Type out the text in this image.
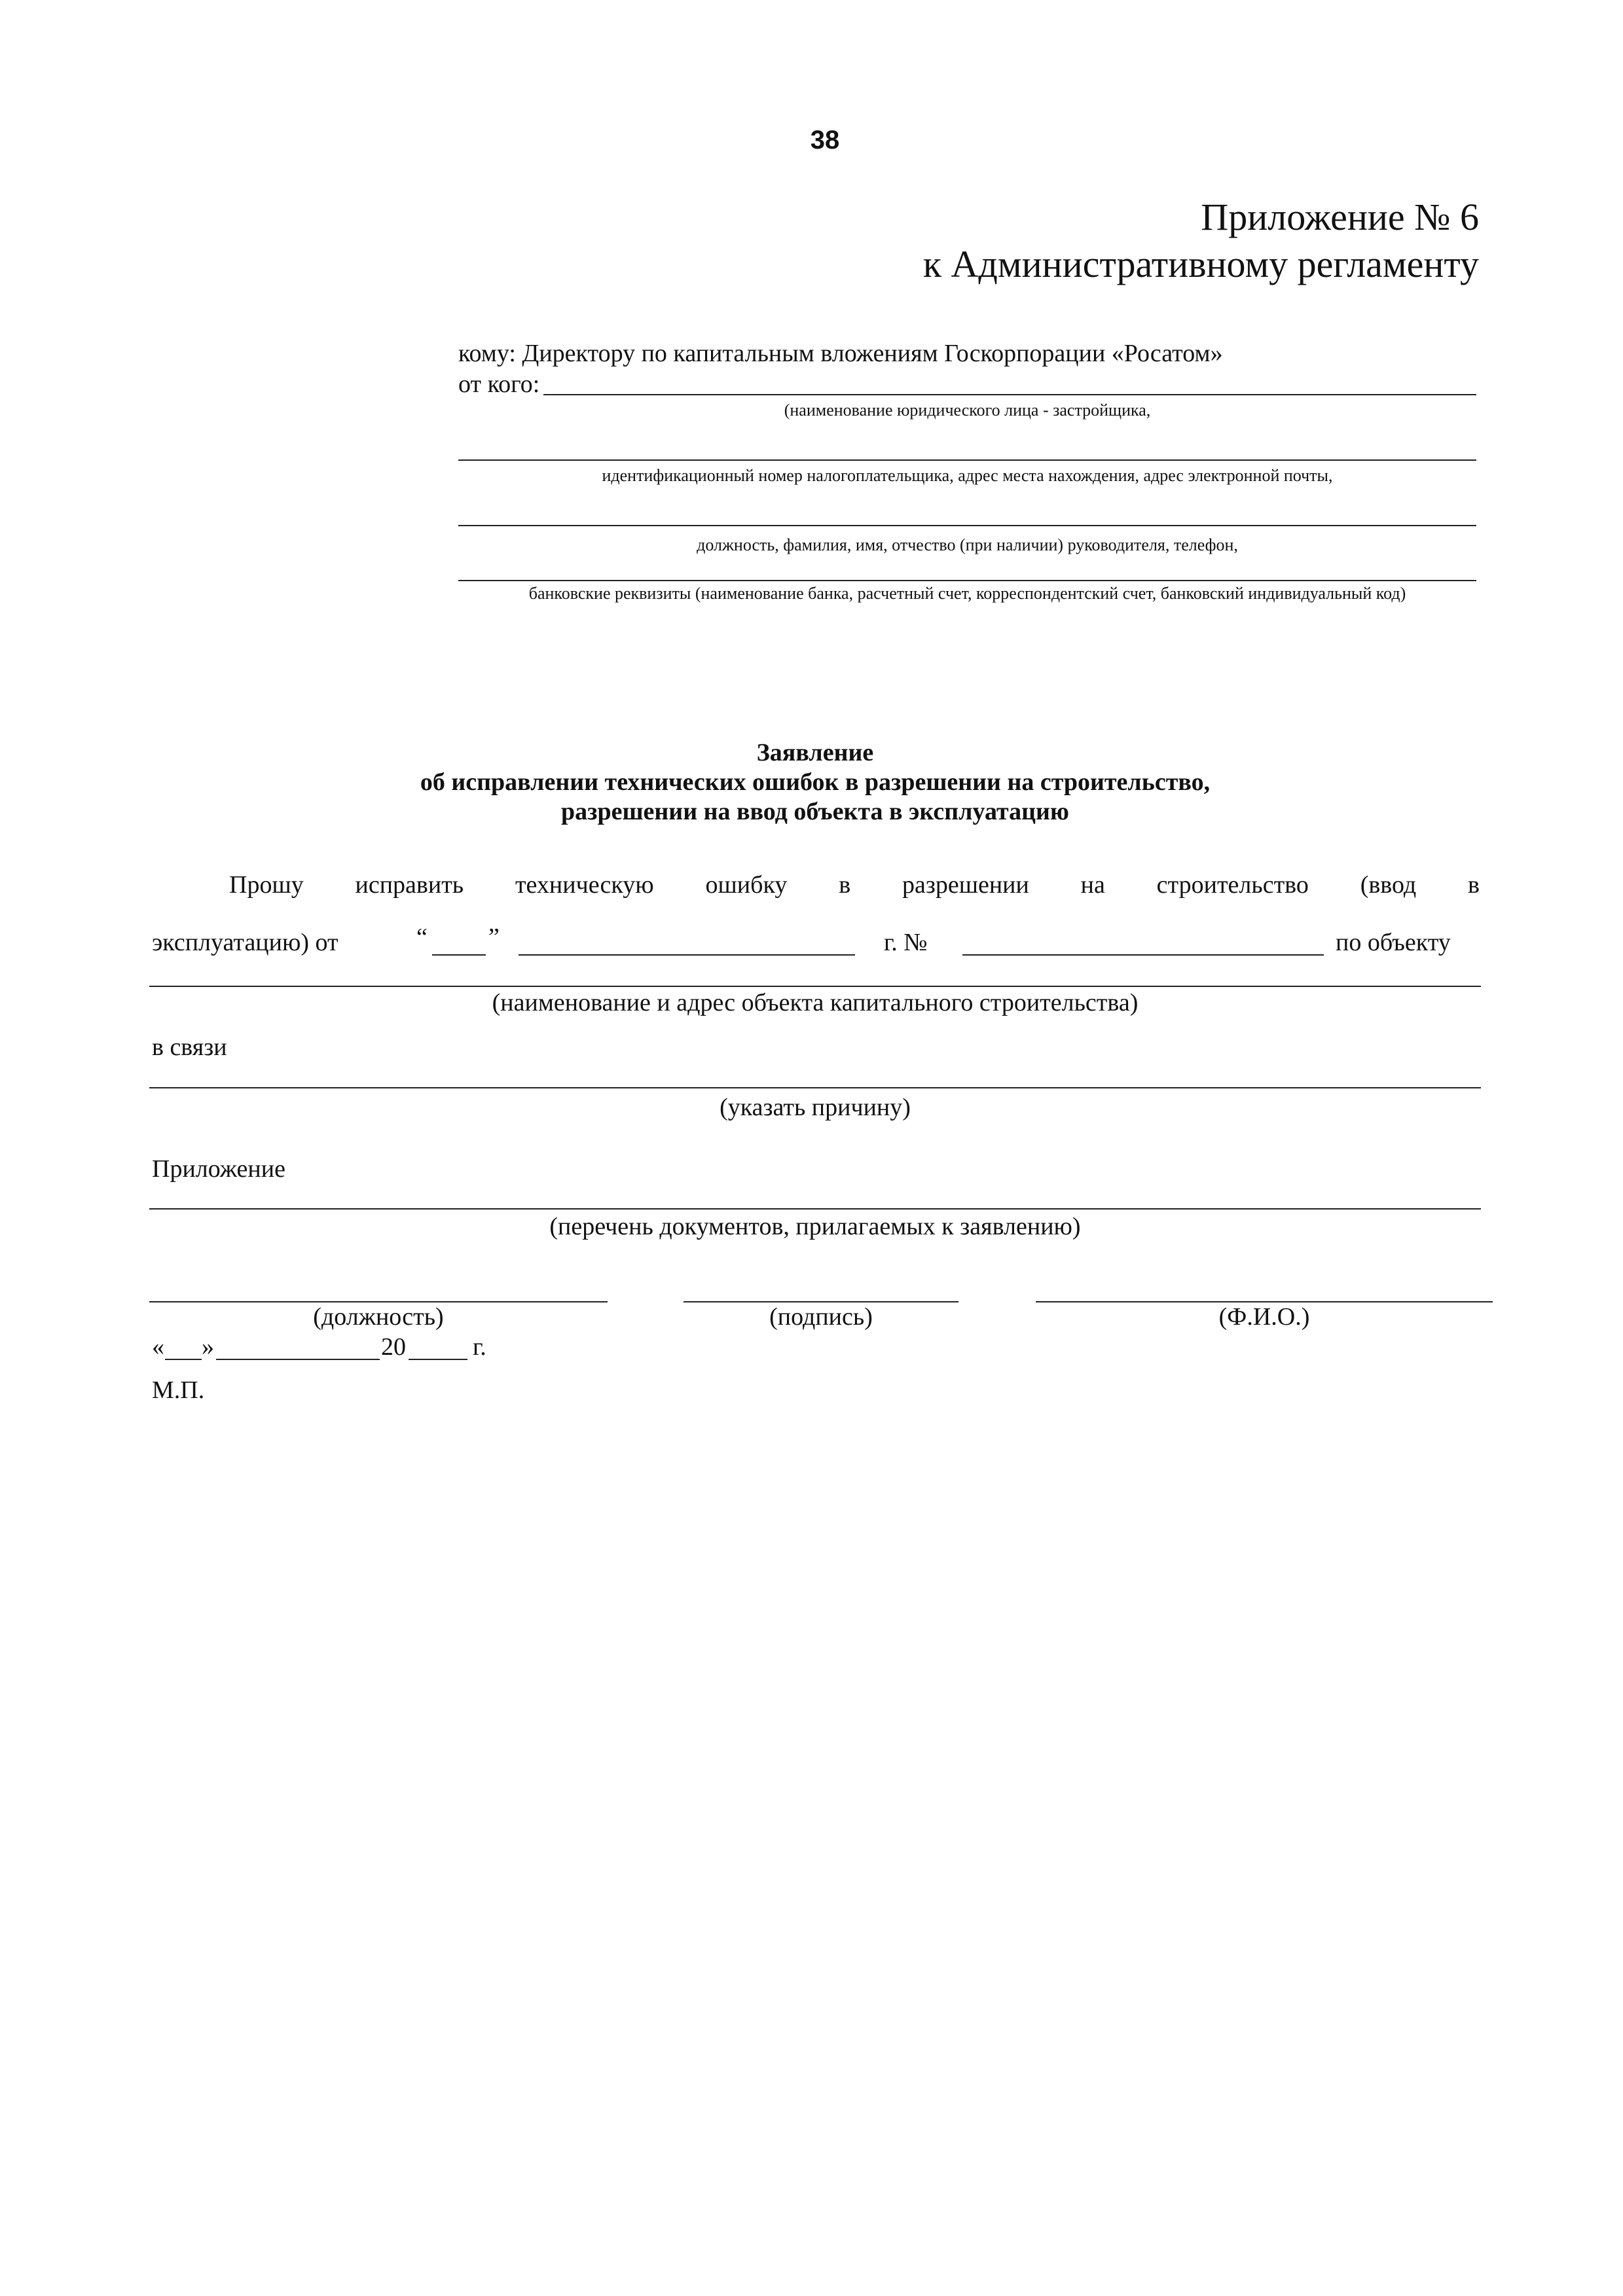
38
Приложение № 6
к Административному регламенту
кому: Директору по капитальным вложениям Госкорпорации «Росатом»
от кого:
(наименование юридического лица - застройщика,
идентификационный номер налогоплательщика, адрес места нахождения, адрес электронной почты,
должность, фамилия, имя, отчество (при наличии) руководителя, телефон,
банковские реквизиты (наименование банка, расчетный счет, корреспондентский счет, банковский индивидуальный код)
Заявление
об исправлении технических ошибок в разрешении на строительство,
разрешении на ввод объекта в эксплуатацию
Прошу исправить техническую ошибку в разрешении на строительство (ввод в
эксплуатацию) от	“ ”	г. №	по объекту
(наименование и адрес объекта капитального строительства)
в связи
(указать причину)
Приложение
(перечень документов, прилагаемых к заявлению)
(должность)	(подпись)	(Ф.И.О.)
« »	20	г.
М.П.
